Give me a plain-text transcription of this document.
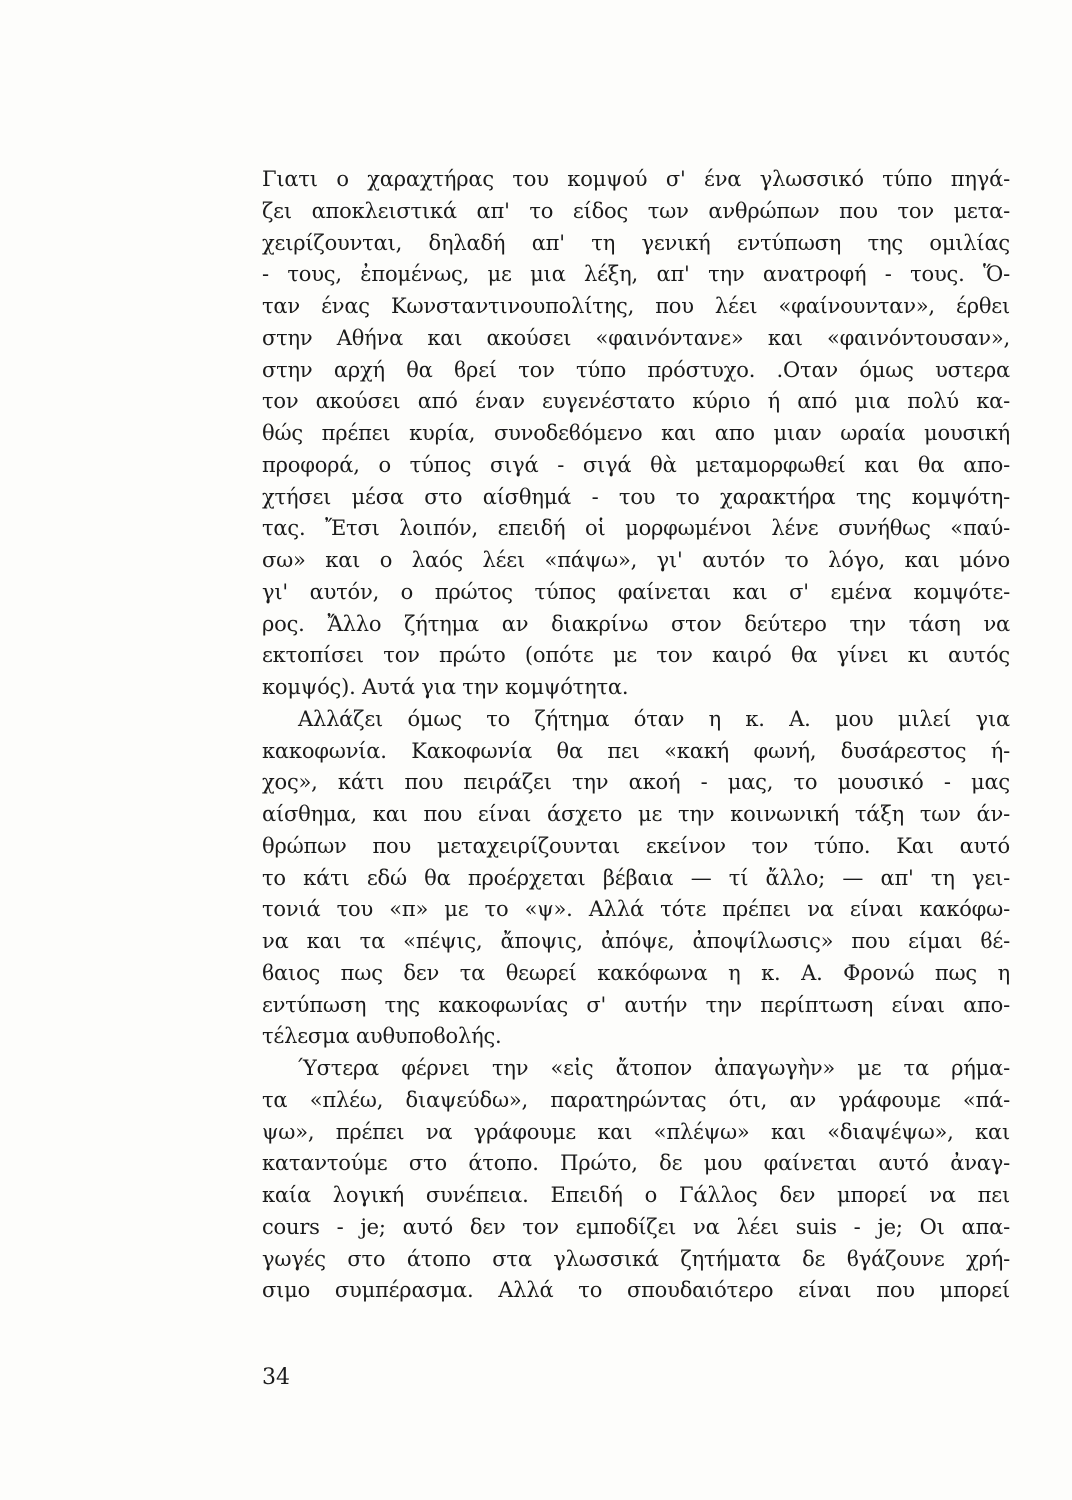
Γιατι ο χαραχτήρας του κομψού σ' ένα γλωσσικό τύπο πηγά-
ζει αποκλειστικά απ' το είδος των ανθρώπων που τον μετα-
χειρίζουνται, δηλαδή απ' τη γενική εντύπωση της ομιλίας
- τους, ἐπομένως, με μια λέξη, απ' την ανατροφή - τους. Ὅ-
ταν ένας Κωνσταντινουπολίτης, που λέει «φαίνουνταν», έρθει
στην Αθήνα και ακούσει «φαινόντανε» και «φαινόντουσαν»,
στην αρχή θα ϐρεί τον τύπο πρόστυχο. .Οταν όμως υστερα
τον ακούσει από έναν ευγενέστατο κύριο ή από μια πολύ κα-
θώς πρέπει κυρία, συνοδεϐόμενο και απο μιαν ωραία μουσική
προφορά, ο τύπος σιγά - σιγά θὰ μεταμορφωθεί και θα απο-
χτήσει μέσα στο αίσθημά - του το χαρακτήρα της κομψότη-
τας. Ἔτσι λοιπόν, επειδή οἱ μορφωμένοι λένε συνήθως «παύ-
σω» και ο λαός λέει «πάψω», γι' αυτόν το λόγο, και μόνο
γι' αυτόν, ο πρώτος τύπος φαίνεται και σ' εμένα κομψότε-
ρος. Ἄλλο ζήτημα αν διακρίνω στον δεύτερο την τάση να
εκτοπίσει τον πρώτο (οπότε με τον καιρό θα γίνει κι αυτός
κομψός). Αυτά για την κομψότητα.
Αλλάζει όμως το ζήτημα όταν η κ. Α. μου μιλεί για
κακοφωνία. Κακοφωνία θα πει «κακή φωνή, δυσάρεστος ή-
χος», κάτι που πειράζει την ακοή - μας, το μουσικό - μας
αίσθημα, και που είναι άσχετο με την κοινωνική τάξη των άν-
θρώπων που μεταχειρίζουνται εκείνον τον τύπο. Και αυτό
το κάτι εδώ θα προέρχεται βέβαια — τί ἄλλο; — απ' τη γει-
τονιά του «π» με το «ψ». Αλλά τότε πρέπει να είναι κακόφω-
να και τα «πέψις, ἄποψις, ἀπόψε, ἀποψίλωσις» που είμαι ϐέ-
ϐαιος πως δεν τα θεωρεί κακόφωνα η κ. Α. Φρονώ πως η
εντύπωση της κακοφωνίας σ' αυτήν την περίπτωση είναι απο-
τέλεσμα αυθυποϐολής.
Ύστερα φέρνει την «εἰς ἄτοπον ἀπαγωγὴν» με τα ρήμα-
τα «πλέω, διαψεύδω», παρατηρώντας ότι, αν γράφουμε «πά-
ψω», πρέπει να γράφουμε και «πλέψω» και «διαψέψω», και
καταντούμε στο άτοπο. Πρώτο, δε μου φαίνεται αυτό ἀναγ-
καία λογική συνέπεια. Επειδή ο Γάλλος δεν μπορεί να πει
cours - je; αυτό δεν τον εμποδίζει να λέει suis - je; Οι απα-
γωγές στο άτοπο στα γλωσσικά ζητήματα δε ϐγάζουνε χρή-
σιμο συμπέρασμα. Αλλά το σπουδαιότερο είναι που μπορεί
34
